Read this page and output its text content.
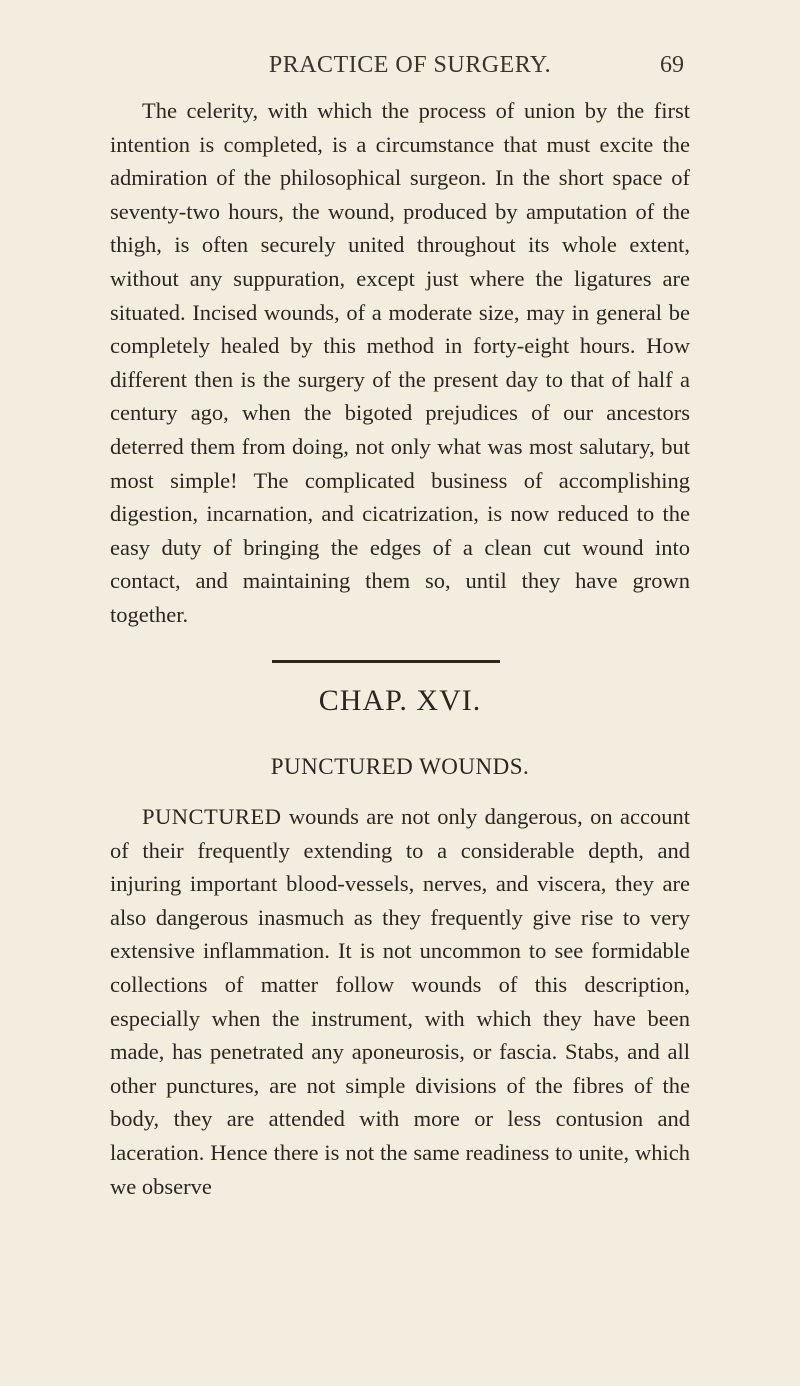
PRACTICE OF SURGERY.	69

The celerity, with which the process of union by the first intention is completed, is a circumstance that must excite the admiration of the philosophical surgeon. In the short space of seventy-two hours, the wound, produced by amputation of the thigh, is often securely united throughout its whole extent, without any suppuration, except just where the ligatures are situated. Incised wounds, of a moderate size, may in general be completely healed by this method in forty-eight hours. How different then is the surgery of the present day to that of half a century ago, when the bigoted prejudices of our ancestors deterred them from doing, not only what was most salutary, but most simple! The complicated business of accomplishing digestion, incarnation, and cicatrization, is now reduced to the easy duty of bringing the edges of a clean cut wound into contact, and maintaining them so, until they have grown together.

CHAP. XVI.
PUNCTURED WOUNDS.

PUNCTURED wounds are not only dangerous, on account of their frequently extending to a considerable depth, and injuring important blood-vessels, nerves, and viscera, they are also dangerous inasmuch as they frequently give rise to very extensive inflammation. It is not uncommon to see formidable collections of matter follow wounds of this description, especially when the instrument, with which they have been made, has penetrated any aponeurosis, or fascia. Stabs, and all other punctures, are not simple divisions of the fibres of the body, they are attended with more or less contusion and laceration. Hence there is not the same readiness to unite, which we observe
